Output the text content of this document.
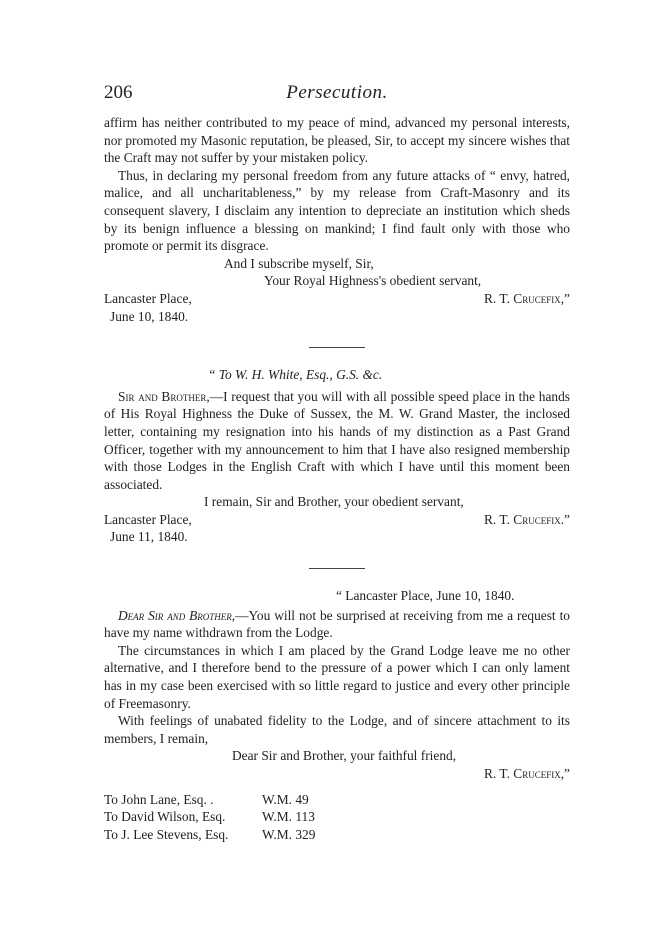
206	Persecution.

affirm has neither contributed to my peace of mind, advanced my personal interests, nor promoted my Masonic reputation, be pleased, Sir, to accept my sincere wishes that the Craft may not suffer by your mistaken policy.

Thus, in declaring my personal freedom from any future attacks of “ envy, hatred, malice, and all uncharitableness,” by my release from Craft-Masonry and its consequent slavery, I disclaim any intention to depreciate an institution which sheds by its benign influence a blessing on mankind; I find fault only with those who promote or permit its disgrace.

And I subscribe myself, Sir,
Your Royal Highness's obedient servant,
Lancaster Place,	R. T. Crucefix,”
June 10, 1840.
“ To W. H. White, Esq., G.S. &c.

Sir and Brother,—I request that you will with all possible speed place in the hands of His Royal Highness the Duke of Sussex, the M. W. Grand Master, the inclosed letter, containing my resignation into his hands of my distinction as a Past Grand Officer, together with my announcement to him that I have also resigned membership with those Lodges in the English Craft with which I have until this moment been associated.

I remain, Sir and Brother, your obedient servant,
Lancaster Place,	R. T. Crucefix.”
June 11, 1840.
“ Lancaster Place, June 10, 1840.

Dear Sir and Brother,—You will not be surprised at receiving from me a request to have my name withdrawn from the Lodge.

The circumstances in which I am placed by the Grand Lodge leave me no other alternative, and I therefore bend to the pressure of a power which I can only lament has in my case been exercised with so little regard to justice and every other principle of Freemasonry.

With feelings of unabated fidelity to the Lodge, and of sincere attachment to its members, I remain,

Dear Sir and Brother, your faithful friend,
R. T. Crucefix,”
To John Lane, Esq. .	W.M. 49
To David Wilson, Esq.	W.M. 113
To J. Lee Stevens, Esq.	W.M. 329
